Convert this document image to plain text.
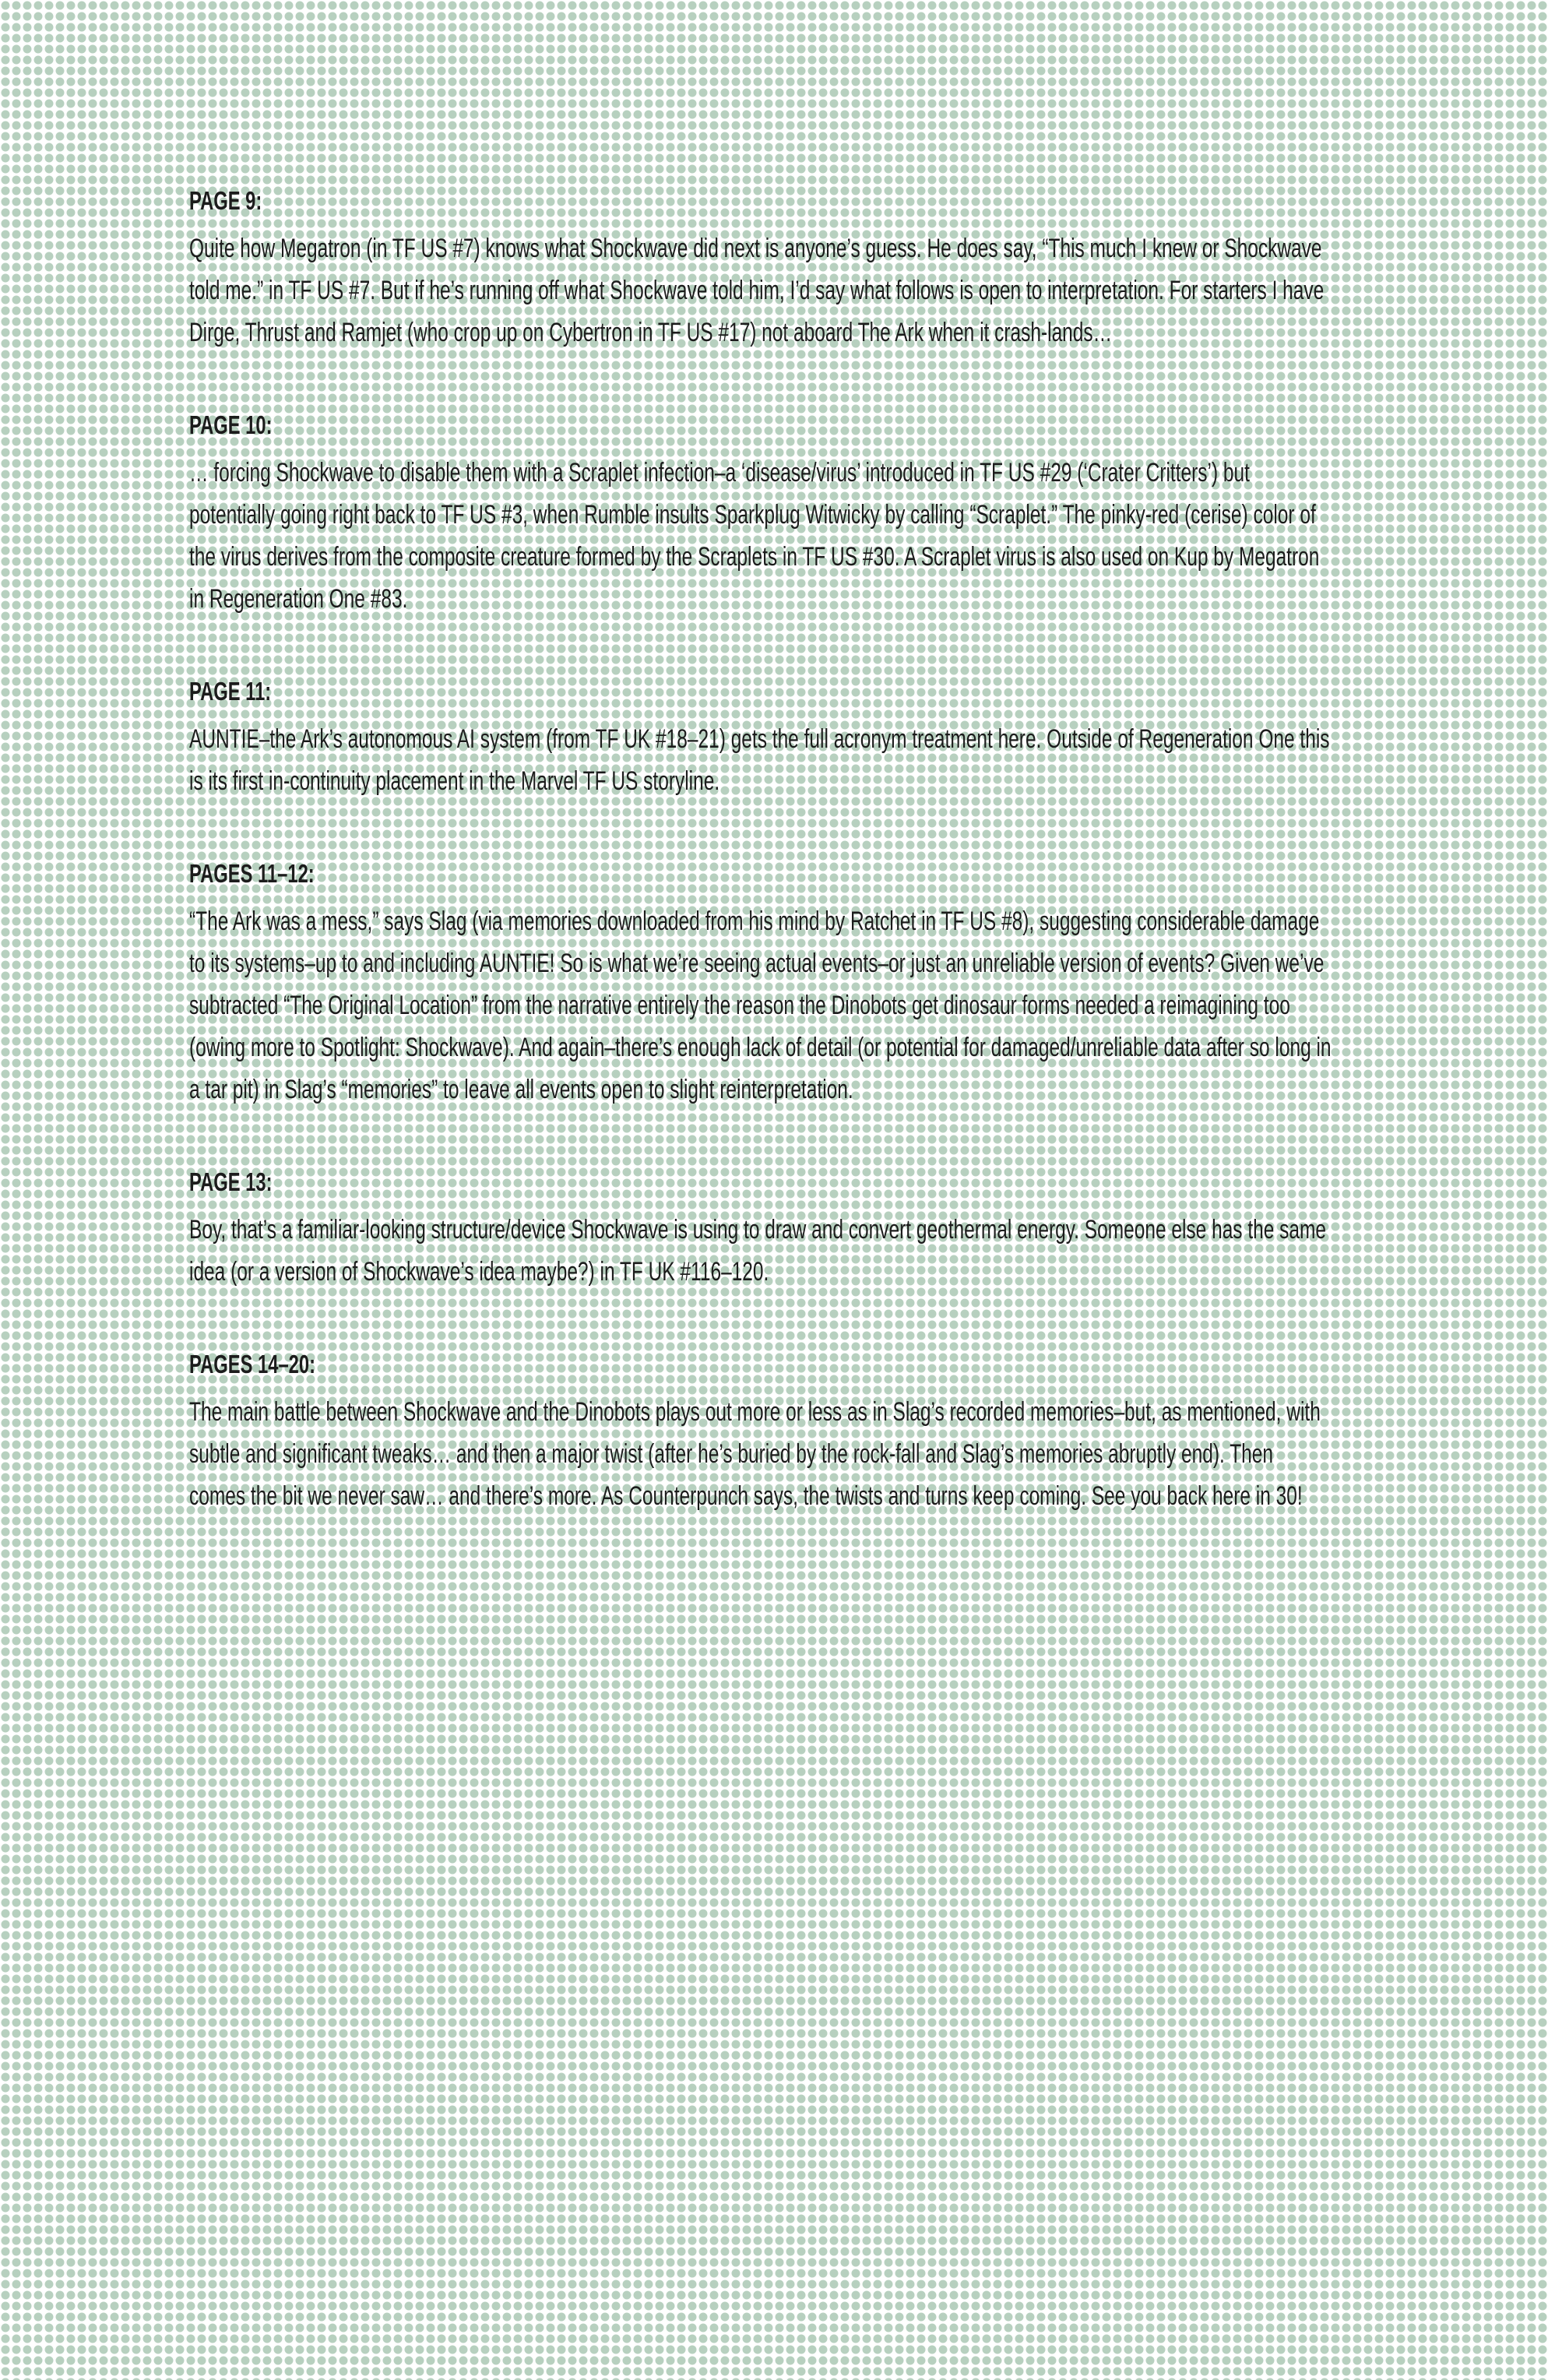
PAGE 9:

Quite how Megatron (in TF US #7) knows what Shockwave did next is anyone’s guess. He does say, “This much I knew or Shockwave told me.” in TF US #7. But if he’s running off what Shockwave told him, I’d say what follows is open to interpretation. For starters I have Dirge, Thrust and Ramjet (who crop up on Cybertron in TF US #17) not aboard The Ark when it crash-lands…

PAGE 10:

… forcing Shockwave to disable them with a Scraplet infection–a ‘disease/virus’ introduced in TF US #29 (‘Crater Critters’) but potentially going right back to TF US #3, when Rumble insults Sparkplug Witwicky by calling “Scraplet.” The pinky-red (cerise) color of the virus derives from the composite creature formed by the Scraplets in TF US #30. A Scraplet virus is also used on Kup by Megatron in Regeneration One #83.

PAGE 11:

AUNTIE–the Ark’s autonomous AI system (from TF UK #18–21) gets the full acronym treatment here. Outside of Regeneration One this is its first in-continuity placement in the Marvel TF US storyline.

PAGES 11–12:

“The Ark was a mess,” says Slag (via memories downloaded from his mind by Ratchet in TF US #8), suggesting considerable damage to its systems–up to and including AUNTIE! So is what we’re seeing actual events–or just an unreliable version of events? Given we’ve subtracted “The Original Location” from the narrative entirely the reason the Dinobots get dinosaur forms needed a reimagining too (owing more to Spotlight: Shockwave). And again–there’s enough lack of detail (or potential for damaged/unreliable data after so long in a tar pit) in Slag’s “memories” to leave all events open to slight reinterpretation.

PAGE 13:

Boy, that’s a familiar-looking structure/device Shockwave is using to draw and convert geothermal energy. Someone else has the same idea (or a version of Shockwave’s idea maybe?) in TF UK #116–120.

PAGES 14–20:

The main battle between Shockwave and the Dinobots plays out more or less as in Slag’s recorded memories–but, as mentioned, with subtle and significant tweaks… and then a major twist (after he’s buried by the rock-fall and Slag’s memories abruptly end). Then comes the bit we never saw… and there’s more. As Counterpunch says, the twists and turns keep coming. See you back here in 30!
